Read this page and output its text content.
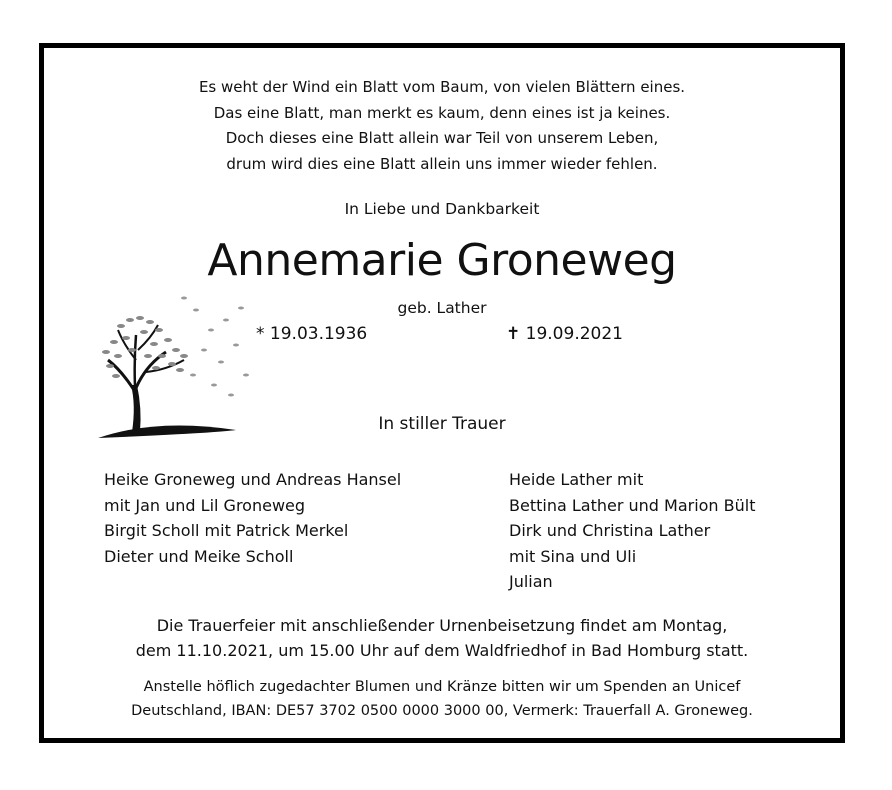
Es weht der Wind ein Blatt vom Baum, von vielen Blättern eines.
Das eine Blatt, man merkt es kaum, denn eines ist ja keines.
Doch dieses eine Blatt allein war Teil von unserem Leben,
drum wird dies eine Blatt allein uns immer wieder fehlen.
In Liebe und Dankbarkeit
Annemarie Groneweg
geb. Lather
* 19.03.1936	✝ 19.09.2021
In stiller Trauer
Heike Groneweg und Andreas Hansel
mit Jan und Lil Groneweg
Birgit Scholl mit Patrick Merkel
Dieter und Meike Scholl
Heide Lather mit
Bettina Lather und Marion Bült
Dirk und Christina Lather
mit Sina und Uli
Julian
Die Trauerfeier mit anschließender Urnenbeisetzung findet am Montag,
dem 11.10.2021, um 15.00 Uhr auf dem Waldfriedhof in Bad Homburg statt.
Anstelle höflich zugedachter Blumen und Kränze bitten wir um Spenden an Unicef
Deutschland, IBAN: DE57 3702 0500 0000 3000 00, Vermerk: Trauerfall A. Groneweg.
